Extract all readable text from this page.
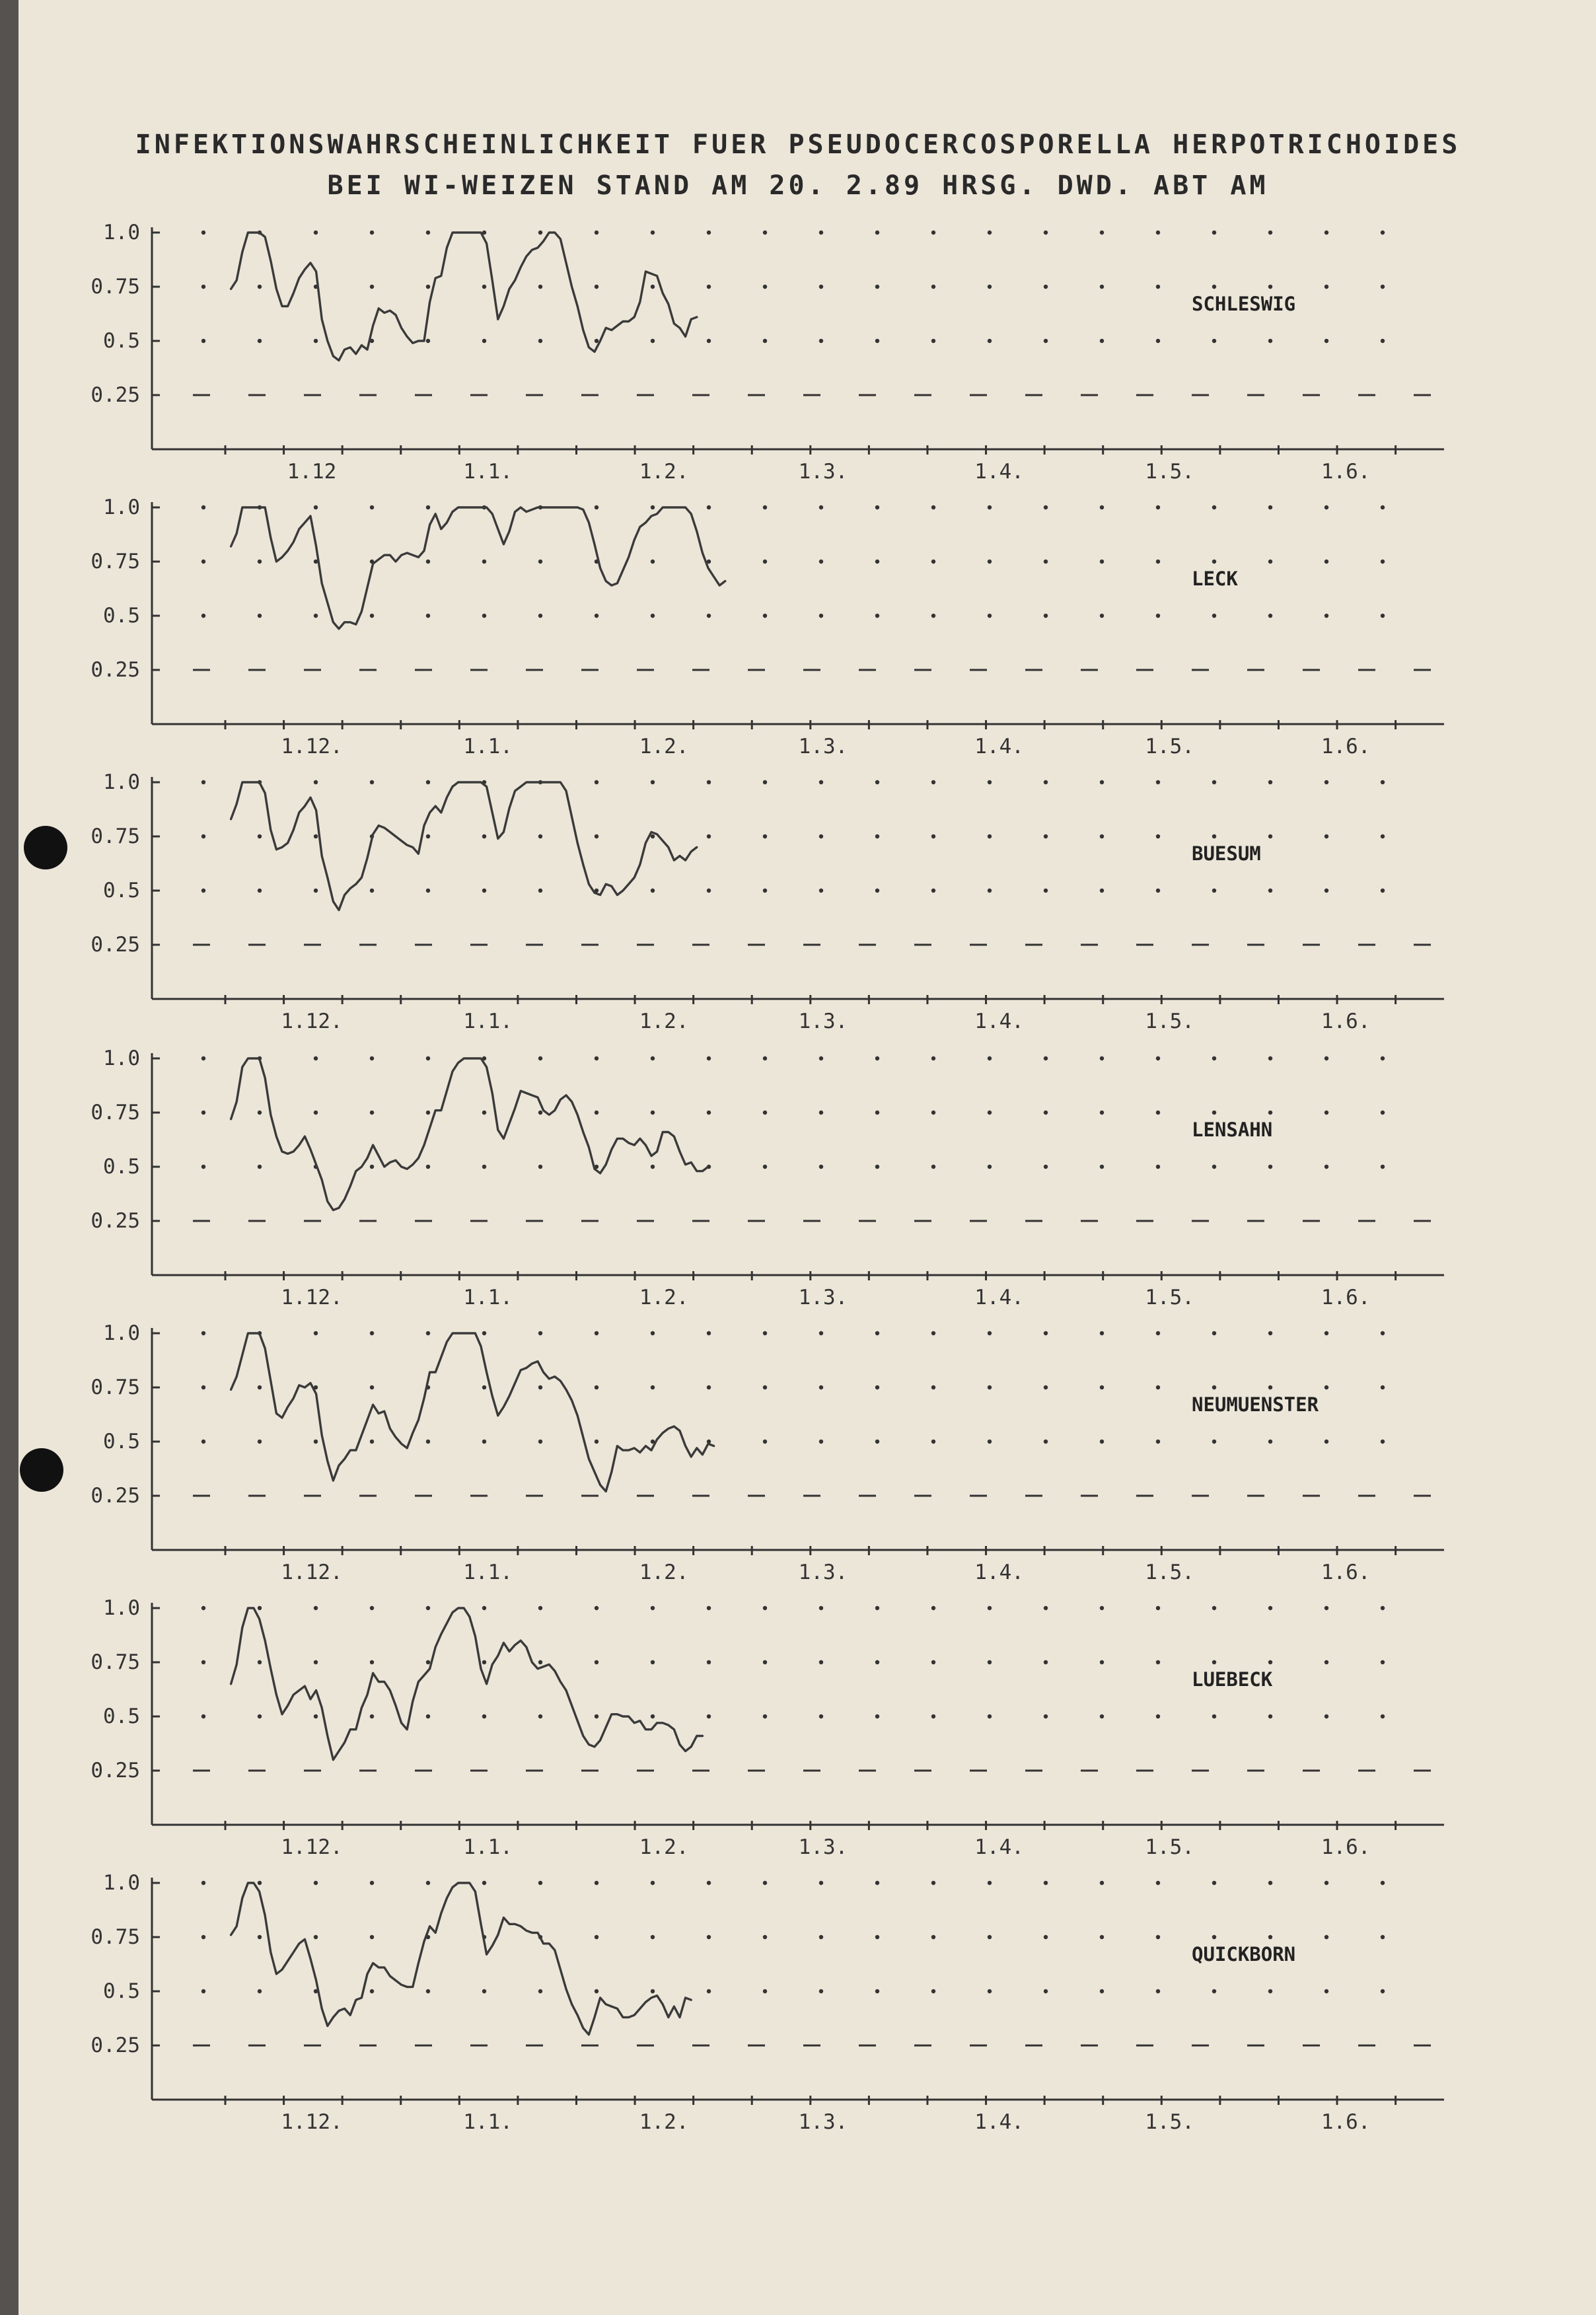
INFEKTIONSWAHRSCHEINLICHKEIT FUER PSEUDOCERCOSPORELLA HERPOTRICHOIDES
BEI WI-WEIZEN STAND AM 20. 2.89 HRSG. DWD. ABT AM
1.0
0.75
0.5
0.25
1.12	1.1.	1.2.	1.3.	1.4.	1.5.	1.6.
SCHLESWIG
1.0
0.75
0.5
0.25
1.12.	1.1.	1.2.	1.3.	1.4.	1.5.	1.6.
LECK
1.0
0.75
0.5
0.25
1.12.	1.1.	1.2.	1.3.	1.4.	1.5.	1.6.
BUESUM
1.0
0.75
0.5
0.25
1.12.	1.1.	1.2.	1.3.	1.4.	1.5.	1.6.
LENSAHN
1.0
0.75
0.5
0.25
1.12.	1.1.	1.2.	1.3.	1.4.	1.5.	1.6.
NEUMUENSTER
1.0
0.75
0.5
0.25
1.12.	1.1.	1.2.	1.3.	1.4.	1.5.	1.6.
LUEBECK
1.0
0.75
0.5
0.25
1.12.	1.1.	1.2.	1.3.	1.4.	1.5.	1.6.
QUICKBORN
